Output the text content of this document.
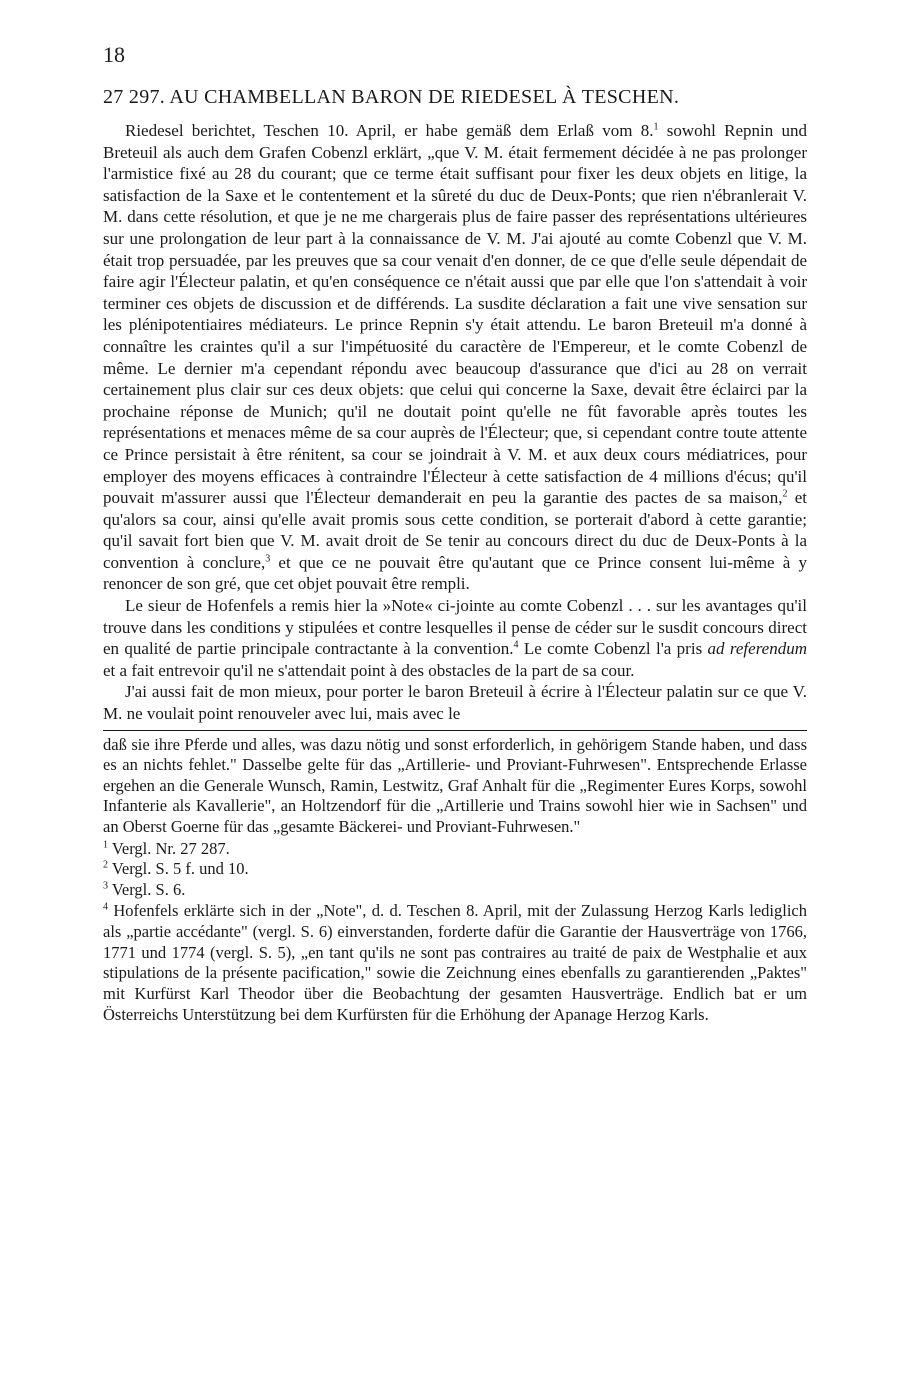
18
27 297. AU CHAMBELLAN BARON DE RIEDESEL À TESCHEN.

Riedesel berichtet, Teschen 10. April, er habe gemäß dem Erlaß vom 8.$^1$ sowohl Repnin und Breteuil als auch dem Grafen Cobenzl erklärt, „que V. M. était fermement décidée à ne pas prolonger l'armistice fixé au 28 du courant; que ce terme était suffisant pour fixer les deux objets en litige, la satisfaction de la Saxe et le contentement et la sûreté du duc de Deux-Ponts; que rien n'ébranlerait V. M. dans cette résolution, et que je ne me chargerais plus de faire passer des représentations ultérieures sur une prolongation de leur part à la connaissance de V. M. J'ai ajouté au comte Cobenzl que V. M. était trop persuadée, par les preuves que sa cour venait d'en donner, de ce que d'elle seule dépendait de faire agir l'Électeur palatin, et qu'en conséquence ce n'était aussi que par elle que l'on s'attendait à voir terminer ces objets de discussion et de différends. La susdite déclaration a fait une vive sensation sur les plénipotentiaires médiateurs. Le prince Repnin s'y était attendu. Le baron Breteuil m'a donné à connaître les craintes qu'il a sur l'impétuosité du caractère de l'Empereur, et le comte Cobenzl de même. Le dernier m'a cependant répondu avec beaucoup d'assurance que d'ici au 28 on verrait certainement plus clair sur ces deux objets: que celui qui concerne la Saxe, devait être éclairci par la prochaine réponse de Munich; qu'il ne doutait point qu'elle ne fût favorable après toutes les représentations et menaces même de sa cour auprès de l'Électeur; que, si cependant contre toute attente ce Prince persistait à être rénitent, sa cour se joindrait à V. M. et aux deux cours médiatrices, pour employer des moyens efficaces à contraindre l'Électeur à cette satisfaction de 4 millions d'écus; qu'il pouvait m'assurer aussi que l'Électeur demanderait en peu la garantie des pactes de sa maison,$^2$ et qu'alors sa cour, ainsi qu'elle avait promis sous cette condition, se porterait d'abord à cette garantie; qu'il savait fort bien que V. M. avait droit de Se tenir au concours direct du duc de Deux-Ponts à la convention à conclure,$^3$ et que ce ne pouvait être qu'autant que ce Prince consent lui-même à y renoncer de son gré, que cet objet pouvait être rempli.

Le sieur de Hofenfels a remis hier la »Note« ci-jointe au comte Cobenzl . . . sur les avantages qu'il trouve dans les conditions y stipulées et contre lesquelles il pense de céder sur le susdit concours direct en qualité de partie principale contractante à la convention.$^4$ Le comte Cobenzl l'a pris ad referendum et a fait entrevoir qu'il ne s'attendait point à des obstacles de la part de sa cour.

J'ai aussi fait de mon mieux, pour porter le baron Breteuil à écrire à l'Électeur palatin sur ce que V. M. ne voulait point renouveler avec lui, mais avec le

daß sie ihre Pferde und alles, was dazu nötig und sonst erforderlich, in gehörigem Stande haben, und dass es an nichts fehlet." Dasselbe gelte für das „Artillerie- und Proviant-Fuhrwesen". Entsprechende Erlasse ergehen an die Generale Wunsch, Ramin, Lestwitz, Graf Anhalt für die „Regimenter Eures Korps, sowohl Infanterie als Kavallerie", an Holtzendorf für die „Artillerie und Trains sowohl hier wie in Sachsen" und an Oberst Goerne für das „gesamte Bäckerei- und Proviant-Fuhrwesen."

$^1$ Vergl. Nr. 27 287.

$^2$ Vergl. S. 5 f. und 10.

$^3$ Vergl. S. 6.

$^4$ Hofenfels erklärte sich in der „Note", d. d. Teschen 8. April, mit der Zulassung Herzog Karls lediglich als „partie accédante" (vergl. S. 6) einverstanden, forderte dafür die Garantie der Hausverträge von 1766, 1771 und 1774 (vergl. S. 5), „en tant qu'ils ne sont pas contraires au traité de paix de Westphalie et aux stipulations de la présente pacification," sowie die Zeichnung eines ebenfalls zu garantierenden „Paktes" mit Kurfürst Karl Theodor über die Beobachtung der gesamten Hausverträge. Endlich bat er um Österreichs Unterstützung bei dem Kurfürsten für die Erhöhung der Apanage Herzog Karls.
